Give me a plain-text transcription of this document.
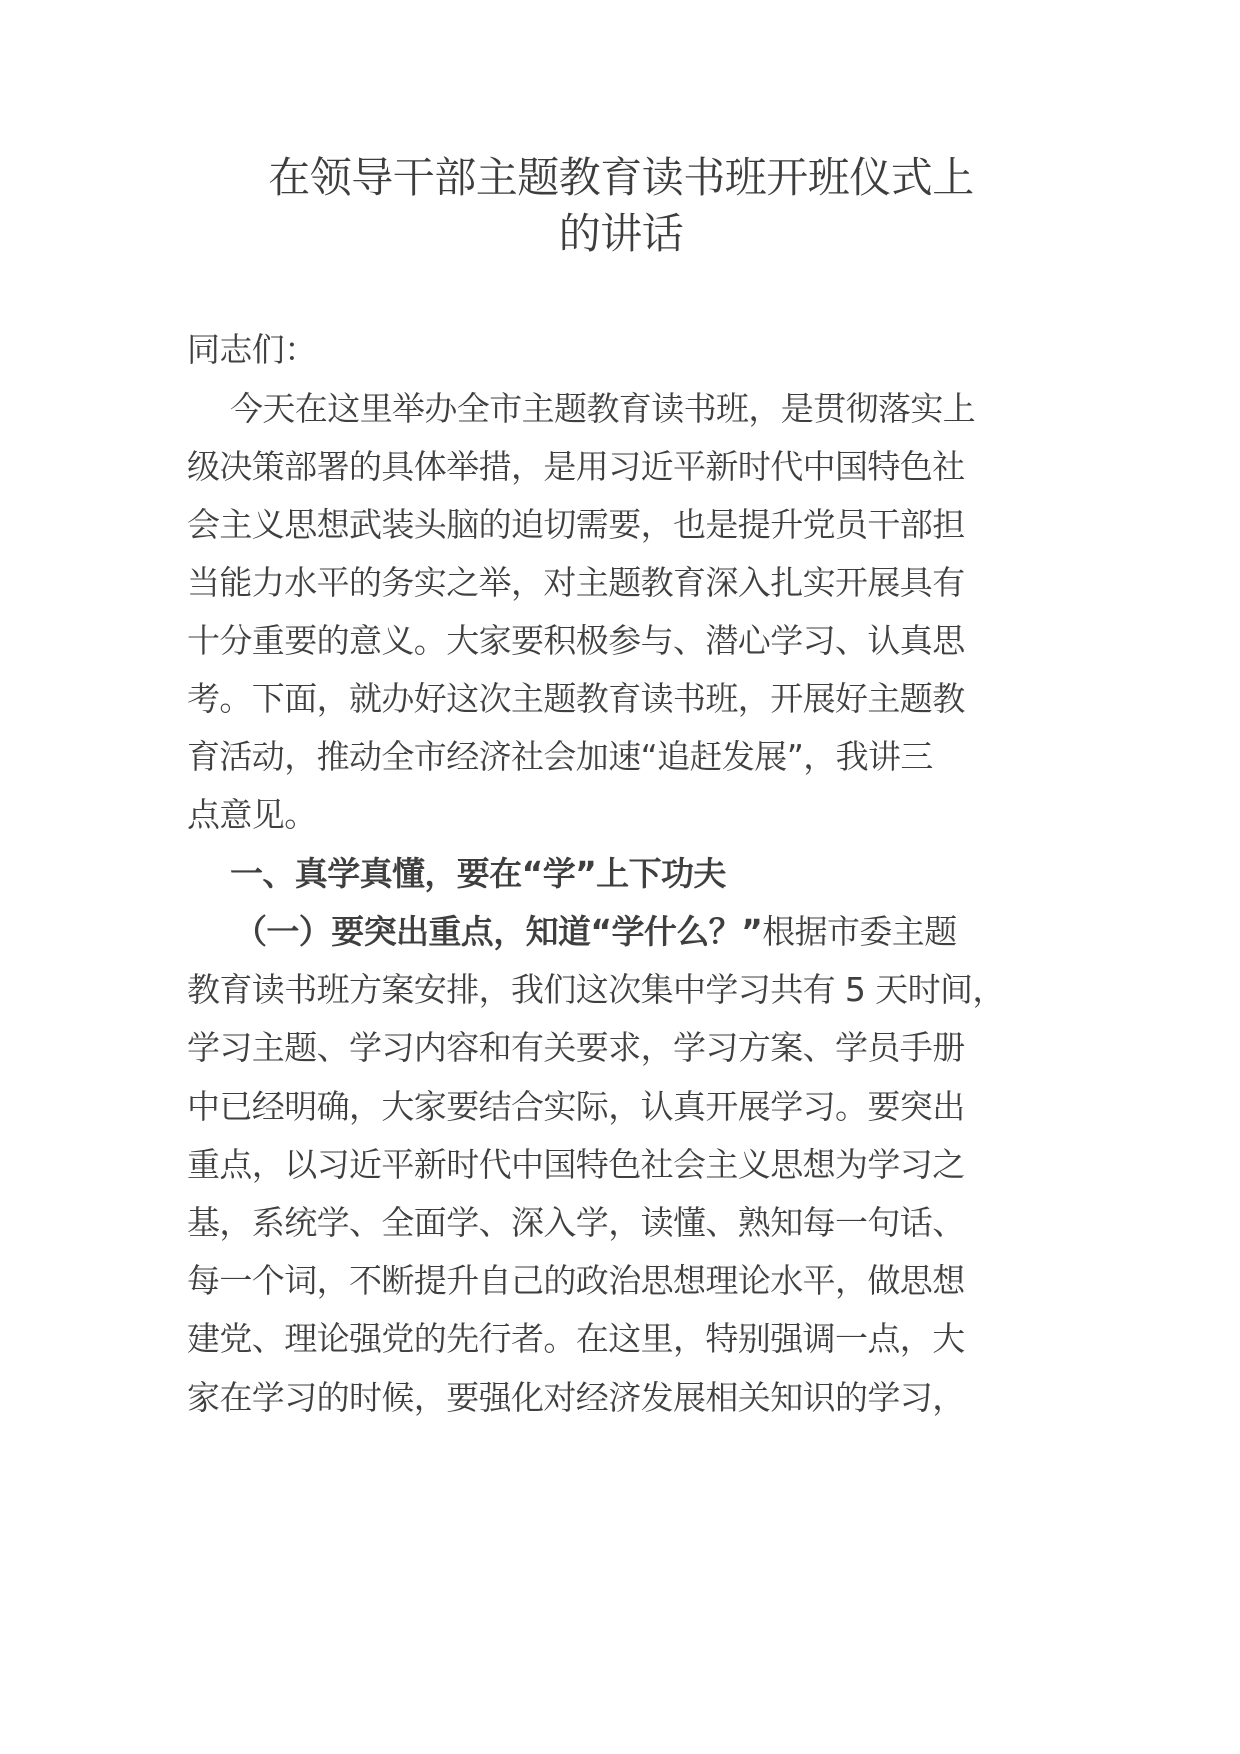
在领导干部主题教育读书班开班仪式上
的讲话
同志们：
今天在这里举办全市主题教育读书班，是贯彻落实上
级决策部署的具体举措，是用习近平新时代中国特色社
会主义思想武装头脑的迫切需要，也是提升党员干部担
当能力水平的务实之举，对主题教育深入扎实开展具有
十分重要的意义。大家要积极参与、潜心学习、认真思
考。下面，就办好这次主题教育读书班，开展好主题教
育活动，推动全市经济社会加速“追赶发展”，我讲三
点意见。
一、真学真懂，要在“学”上下功夫
（一）要突出重点，知道“学什么？”根据市委主题
教育读书班方案安排，我们这次集中学习共有 5 天时间，
学习主题、学习内容和有关要求，学习方案、学员手册
中已经明确，大家要结合实际，认真开展学习。要突出
重点，以习近平新时代中国特色社会主义思想为学习之
基，系统学、全面学、深入学，读懂、熟知每一句话、
每一个词，不断提升自己的政治思想理论水平，做思想
建党、理论强党的先行者。在这里，特别强调一点，大
家在学习的时候，要强化对经济发展相关知识的学习，
